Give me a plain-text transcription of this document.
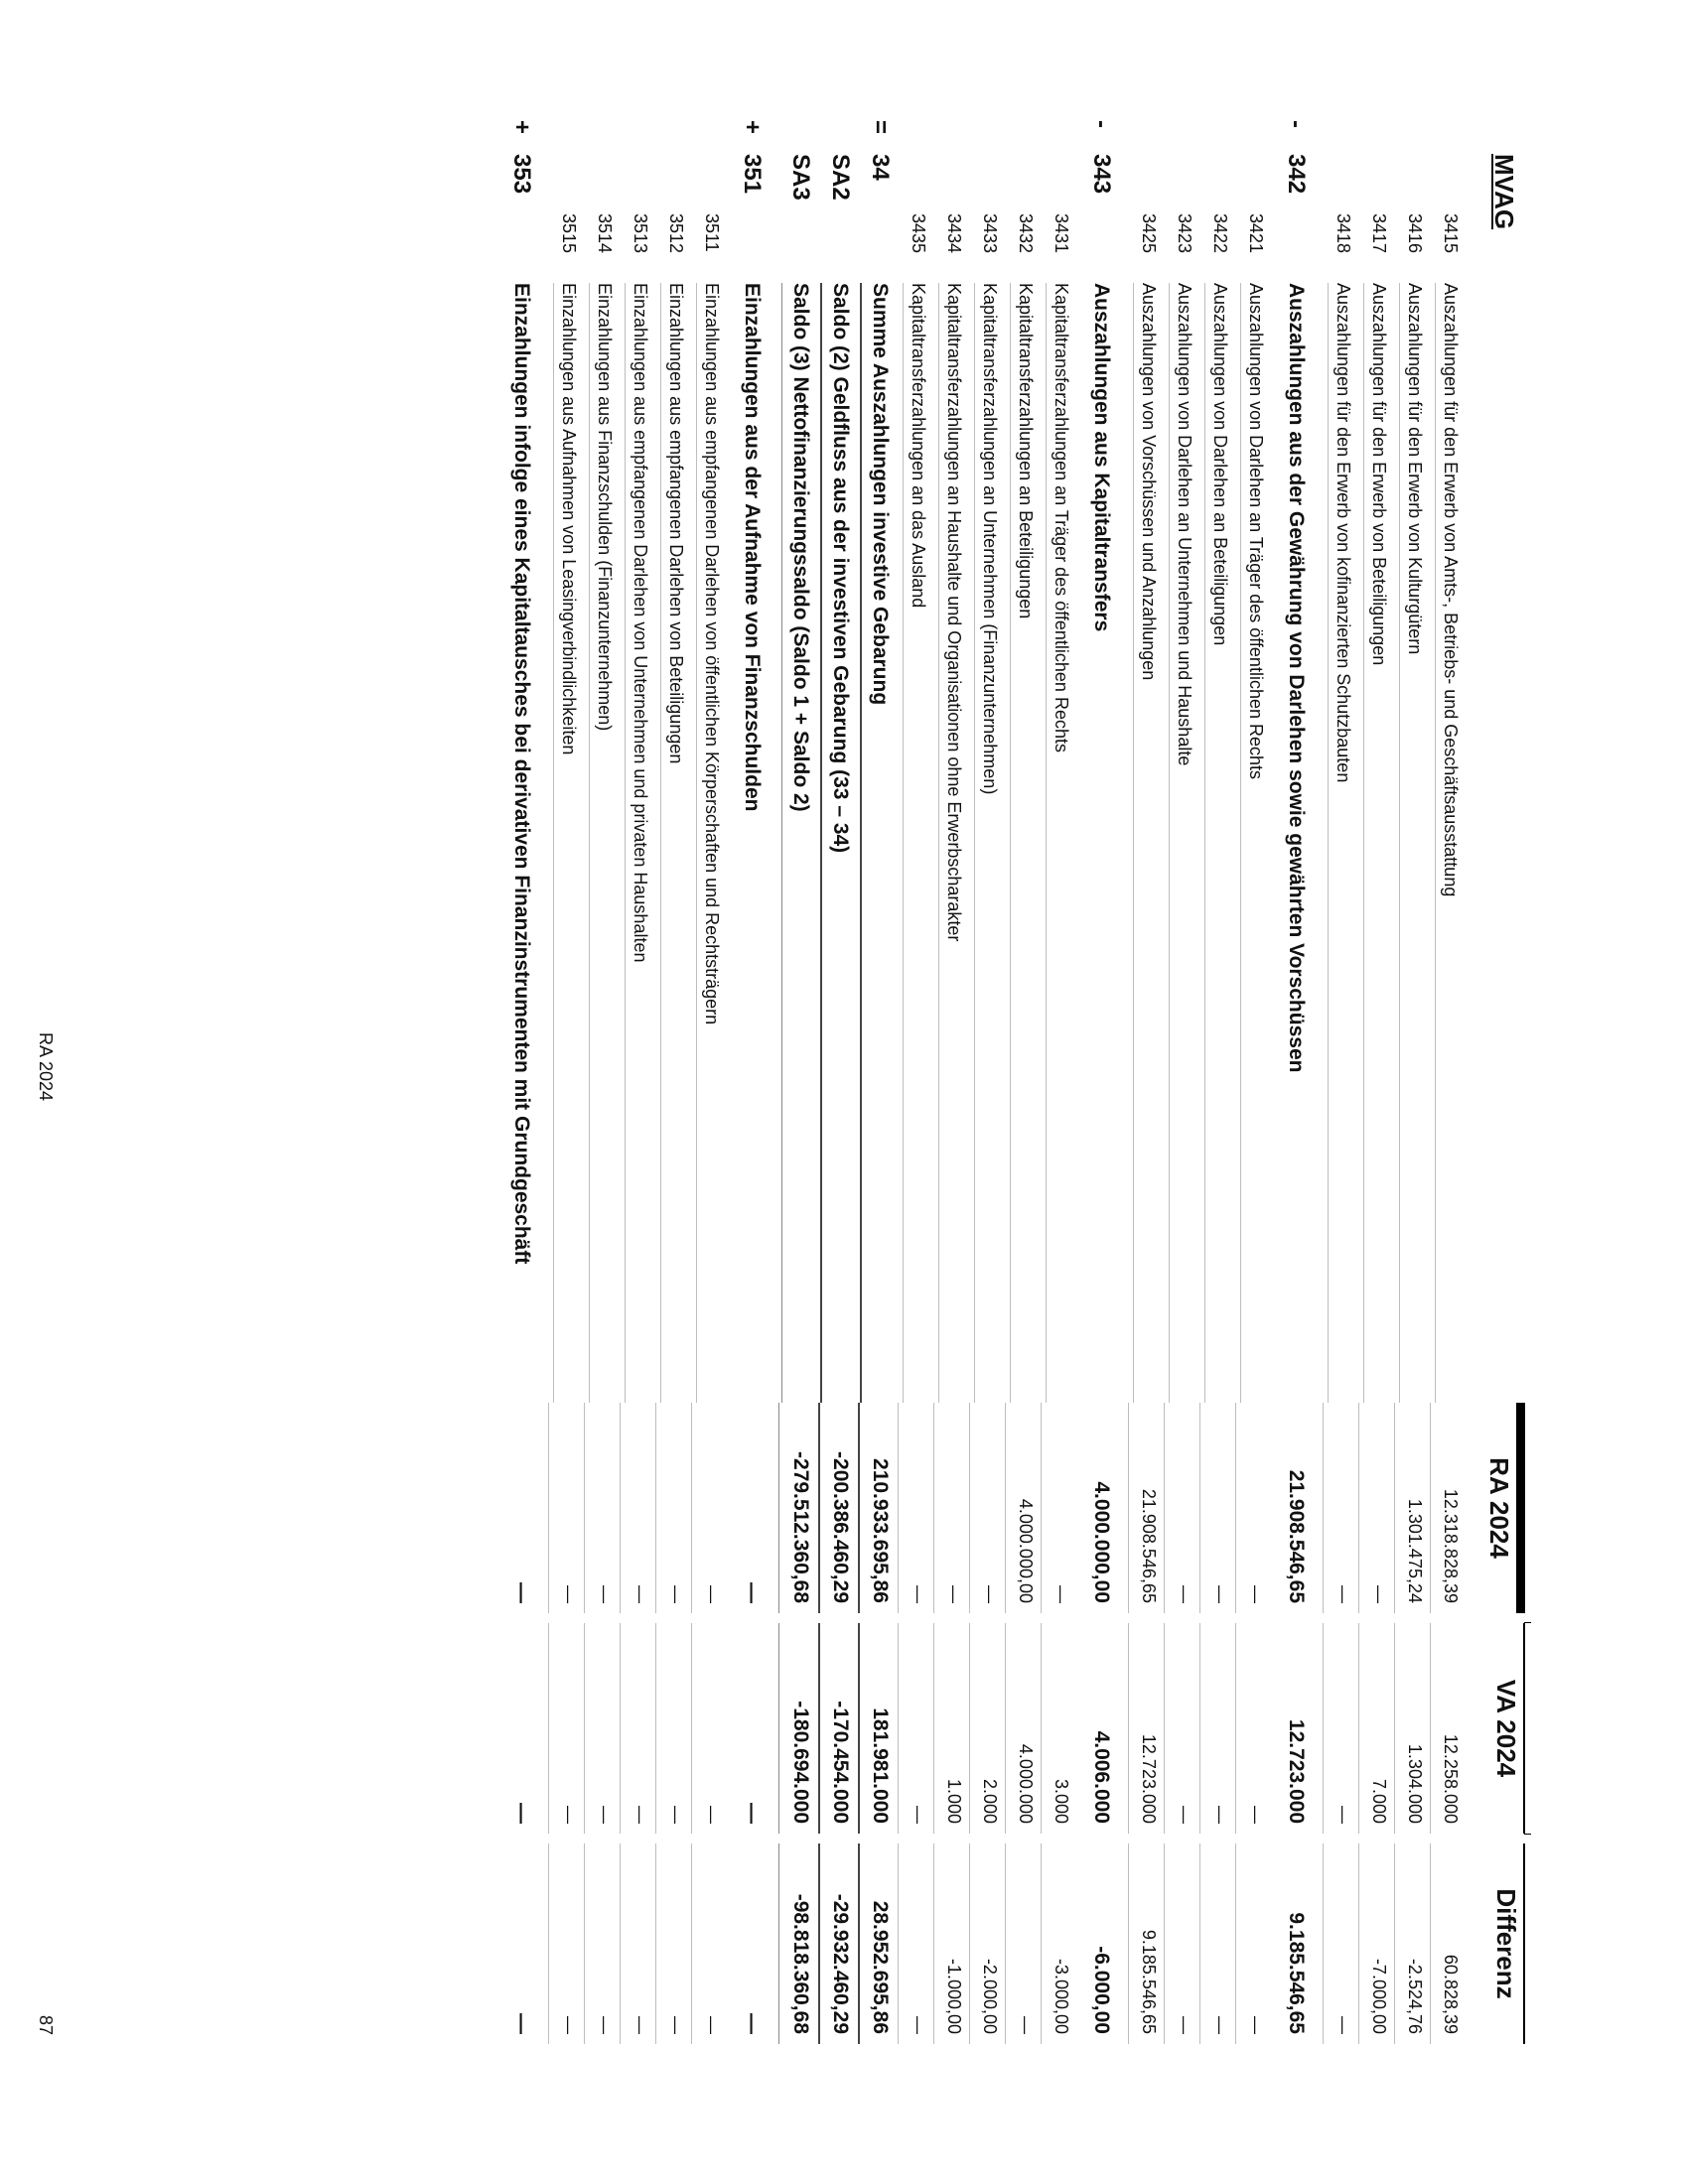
MVAG
RA 2024
VA 2024
Differenz
3415
Auszahlungen für den Erwerb von Amts-, Betriebs- und Geschäftsausstattung
12.318.828,39
12.258.000
60.828,39
3416
Auszahlungen für den Erwerb von Kulturgütern
1.301.475,24
1.304.000
-2.524,76
3417
Auszahlungen für den Erwerb von Beteiligungen
—
7.000
-7.000,00
3418
Auszahlungen für den Erwerb von kofinanzierten Schutzbauten
—
—
—
-
342
Auszahlungen aus der Gewährung von Darlehen sowie gewährten Vorschüssen
21.908.546,65
12.723.000
9.185.546,65
3421
Auszahlungen von Darlehen an Träger des öffentlichen Rechts
—
—
—
3422
Auszahlungen von Darlehen an Beteiligungen
—
—
—
3423
Auszahlungen von Darlehen an Unternehmen und Haushalte
—
—
—
3425
Auszahlungen von Vorschüssen und Anzahlungen
21.908.546,65
12.723.000
9.185.546,65
-
343
Auszahlungen aus Kapitaltransfers
4.000.000,00
4.006.000
-6.000,00
3431
Kapitaltransferzahlungen an Träger des öffentlichen Rechts
—
3.000
-3.000,00
3432
Kapitaltransferzahlungen an Beteiligungen
4.000.000,00
4.000.000
—
3433
Kapitaltransferzahlungen an Unternehmen (Finanzunternehmen)
—
2.000
-2.000,00
3434
Kapitaltransferzahlungen an Haushalte und Organisationen ohne Erwerbscharakter
—
1.000
-1.000,00
3435
Kapitaltransferzahlungen an das Ausland
—
—
—
=
34
Summe Auszahlungen investive Gebarung
210.933.695,86
181.981.000
28.952.695,86
SA2
Saldo (2) Geldfluss aus der investiven Gebarung (33 – 34)
-200.386.460,29
-170.454.000
-29.932.460,29
SA3
Saldo (3) Nettofinanzierungssaldo (Saldo 1 + Saldo 2)
-279.512.360,68
-180.694.000
-98.818.360,68
+
351
Einzahlungen aus der Aufnahme von Finanzschulden
—
—
—
3511
Einzahlungen aus empfangenen Darlehen von öffentlichen Körperschaften und Rechtsträgern
—
—
—
3512
Einzahlungen aus empfangenen Darlehen von Beteiligungen
—
—
—
3513
Einzahlungen aus empfangenen Darlehen von Unternehmen und privaten Haushalten
—
—
—
3514
Einzahlungen aus Finanzschulden (Finanzunternehmen)
—
—
—
3515
Einzahlungen aus Aufnahmen von Leasingverbindlichkeiten
—
—
—
+
353
Einzahlungen infolge eines Kapitaltausches bei derivativen Finanzinstrumenten mit Grundgeschäft
—
—
—
RA 2024
87
